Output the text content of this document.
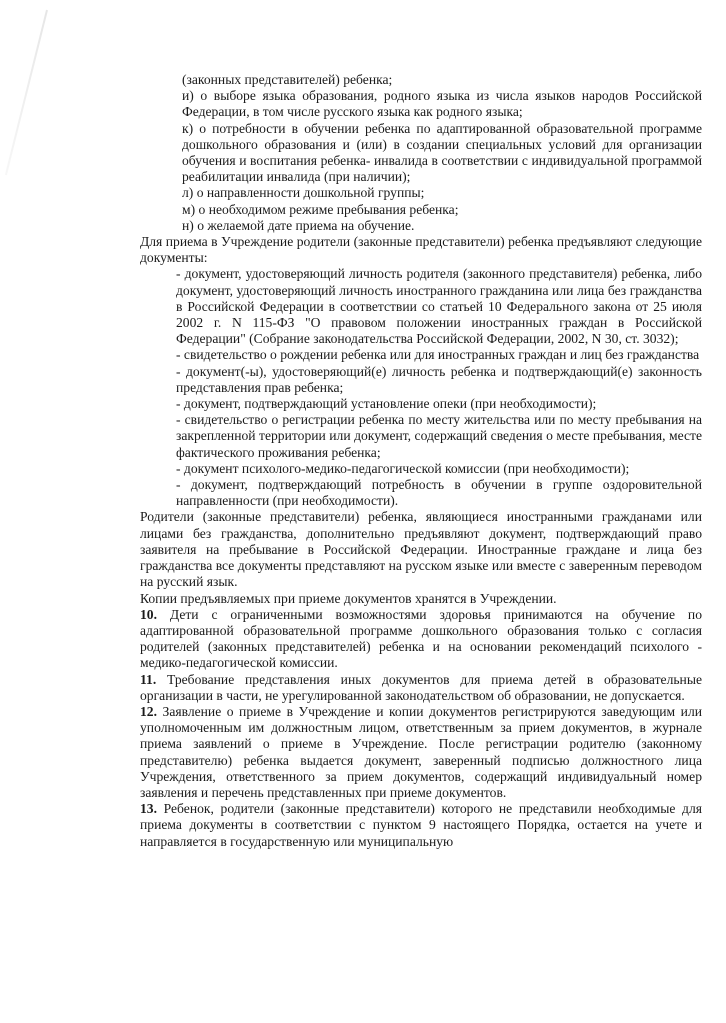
(законных представителей) ребенка;

и) о выборе языка образования, родного языка из числа языков народов Российской Федерации, в том числе русского языка как родного языка;

к) о потребности в обучении ребенка по адаптированной образовательной программе дошкольного образования и (или) в создании специальных условий для организации обучения и воспитания ребенка- инвалида в соответствии с индивидуальной программой реабилитации инвалида (при наличии);

л) о направленности дошкольной группы;

м) о необходимом режиме пребывания ребенка;

н) о желаемой дате приема на обучение.

Для приема в Учреждение родители (законные представители) ребенка предъявляют следующие документы:

- документ, удостоверяющий личность родителя (законного представителя) ребенка, либо документ, удостоверяющий личность иностранного гражданина или лица без гражданства в Российской Федерации в соответствии со статьей 10 Федерального закона от 25 июля 2002 г. N 115-ФЗ "О правовом положении иностранных граждан в Российской Федерации" (Собрание законодательства Российской Федерации, 2002, N 30, ст. 3032);

- свидетельство о рождении ребенка или для иностранных граждан и лиц без гражданства

- документ(-ы), удостоверяющий(е) личность ребенка и подтверждающий(е) законность представления прав ребенка;

- документ, подтверждающий установление опеки (при необходимости);

- свидетельство о регистрации ребенка по месту жительства или по месту пребывания на закрепленной территории или документ, содержащий сведения о месте пребывания, месте фактического проживания ребенка;

- документ психолого-медико-педагогической комиссии (при необходимости);

- документ, подтверждающий потребность в обучении в группе оздоровительной направленности (при необходимости).

Родители (законные представители) ребенка, являющиеся иностранными гражданами или лицами без гражданства, дополнительно предъявляют документ, подтверждающий право заявителя на пребывание в Российской Федерации. Иностранные граждане и лица без гражданства все документы представляют на русском языке или вместе с заверенным переводом на русский язык.

Копии предъявляемых при приеме документов хранятся в Учреждении.

10. Дети с ограниченными возможностями здоровья принимаются на обучение по адаптированной образовательной программе дошкольного образования только с согласия родителей (законных представителей) ребенка и на основании рекомендаций психолого - медико-педагогической комиссии.

11. Требование представления иных документов для приема детей в образовательные организации в части, не урегулированной законодательством об образовании, не допускается.

12. Заявление о приеме в Учреждение и копии документов регистрируются заведующим или уполномоченным им должностным лицом, ответственным за прием документов, в журнале приема заявлений о приеме в Учреждение. После регистрации родителю (законному представителю) ребенка выдается документ, заверенный подписью должностного лица Учреждения, ответственного за прием документов, содержащий индивидуальный номер заявления и перечень представленных при приеме документов.

13. Ребенок, родители (законные представители) которого не представили необходимые для приема документы в соответствии с пунктом 9 настоящего Порядка, остается на учете и направляется в государственную или муниципальную
